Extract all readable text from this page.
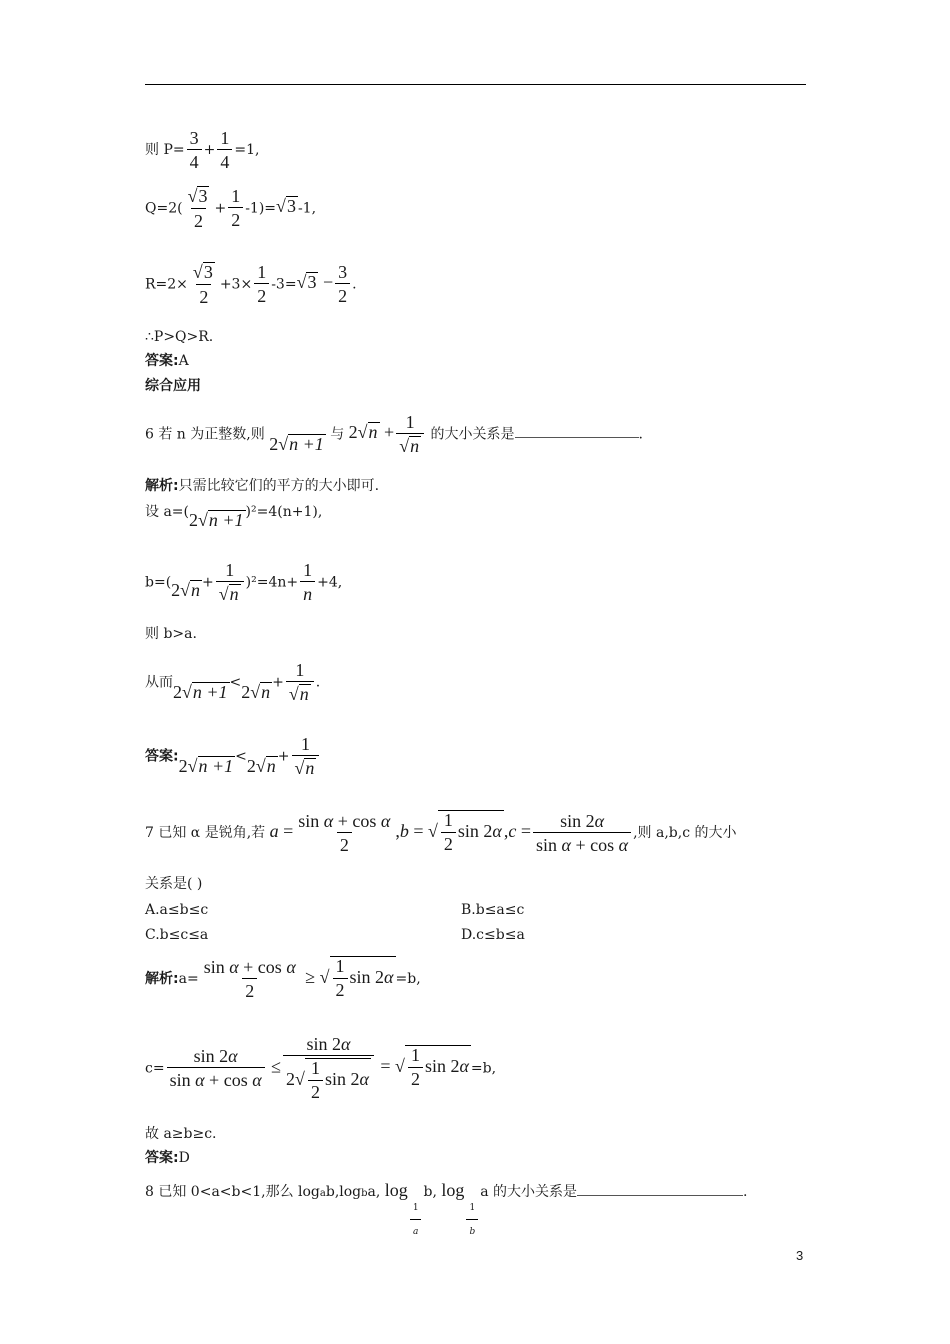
则 $P= \frac{3}{4} + \frac{1}{4} =1$,
$Q=2( \frac{√3}{2} + \frac{1}{2} -1)=√3$ -1,
$R=2\times \frac{√3}{2} +3\times \frac{1}{2} -3=√3 - \frac{3}{2}$ .
∴P>Q>R.
答案:A
综合应用
6 若 n 为正整数,则 2√n +1 与 $2√n + \frac{1}{√n}$ 的大小关系是	.
解析:只需比较它们的平方的大小即可.
设 a=(2√n +1 )²=4(n+1),
$b=(2√n + \frac{1}{√n} )^2=4n+ \frac{1}{n} +4$,
则 b>a.
从而$2√n +1 <2√n + \frac{1}{√n}$ .
答案:2√n $+1 <2√n + \frac{1}{√n}$
7 已知 α 是锐角,若 $a = \frac{\text{sin α + cos α}}{2} ,b$ = √ $\frac{1}{2}$ sin 2α $,c = \frac{\sin 2\alpha}{\text{sin α + cos α}}$ ,则 a,b,c 的大小
关系是( )
A.a≤b≤c	B.b≤a≤c
C.b≤c≤a	D.c≤b≤a
解析:a= $\frac{\text{sin α + cos α}}{2}$ ≥ √ $\frac{1}{2}$ sin 2α =b,
$c= \frac{\sin 2\alpha}{\text{sin α + cos α}} \le \frac{\sin 2\alpha}{2√ \frac{1}{2} \sin 2\alpha}$ = √ $\frac{1}{2}$ sin 2α =b,
故 a≥b≥c.
答案:D
8 已知 0<a<b<1,那么 logab,logba, log
$\frac{1}{a}$
b, log
$\frac{1}{b}$
a 的大小关系是	.
3
